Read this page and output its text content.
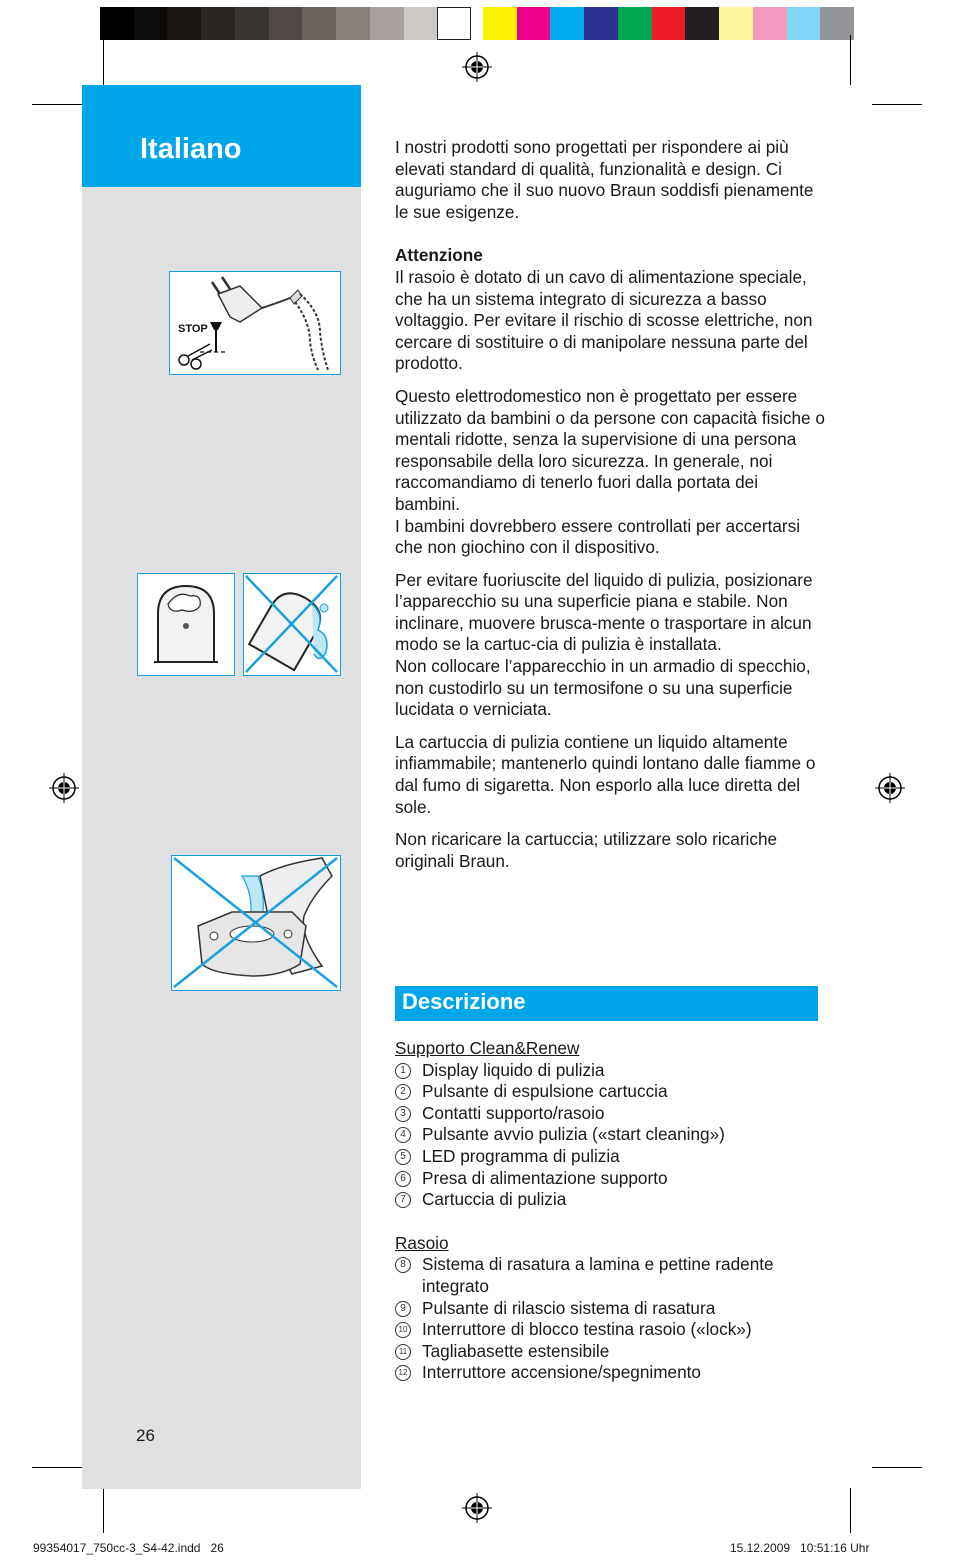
Italiano
STOP

I nostri prodotti sono progettati per rispondere ai più elevati standard di qualità, funzionalità e design. Ci auguriamo che il suo nuovo Braun soddisfi pienamente le sue esigenze.

Attenzione
Il rasoio è dotato di un cavo di alimentazione speciale, che ha un sistema integrato di sicurezza a basso voltaggio. Per evitare il rischio di scosse elettriche, non cercare di sostituire o di manipolare nessuna parte del prodotto.

Questo elettrodomestico non è progettato per essere utilizzato da bambini o da persone con capacità fisiche o mentali ridotte, senza la supervisione di una persona responsabile della loro sicurezza. In generale, noi raccomandiamo di tenerlo fuori dalla portata dei bambini.
I bambini dovrebbero essere controllati per accertarsi che non giochino con il dispositivo.

Per evitare fuoriuscite del liquido di pulizia, posizionare l’apparecchio su una superficie piana e stabile. Non inclinare, muovere brusca-mente o trasportare in alcun modo se la cartuc-cia di pulizia è installata.
Non collocare l’apparecchio in un armadio di specchio, non custodirlo su un termosifone o su una superficie lucidata o verniciata.

La cartuccia di pulizia contiene un liquido altamente infiammabile; mantenerlo quindi lontano dalle fiamme o dal fumo di sigaretta. Non esporlo alla luce diretta del sole.

Non ricaricare la cartuccia; utilizzare solo ricariche originali Braun.

Descrizione
Supporto Clean&Renew
1 Display liquido di pulizia
2 Pulsante di espulsione cartuccia
3 Contatti supporto/rasoio
4 Pulsante avvio pulizia («start cleaning»)
5 LED programma di pulizia
6 Presa di alimentazione supporto
7 Cartuccia di pulizia
Rasoio
8 Sistema di rasatura a lamina e pettine radente integrato
9 Pulsante di rilascio sistema di rasatura
10 Interruttore di blocco testina rasoio («lock»)
11 Tagliabasette estensibile
12 Interruttore accensione/spegnimento
26
99354017_750cc-3_S4-42.indd   26	15.12.2009   10:51:16 Uhr
